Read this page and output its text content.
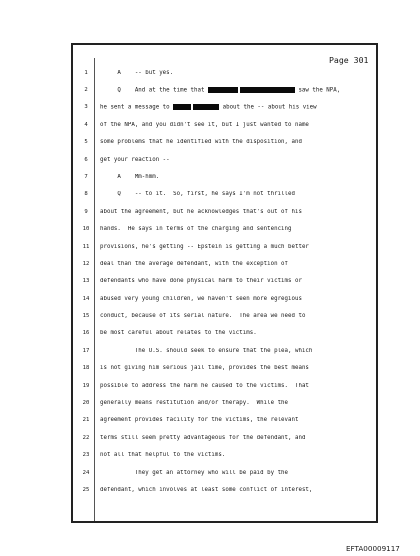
Page 301
1
2
3
4
5
6
7
8
9
10
11
12
13
14
15
16
17
18
19
20
21
22
23
24
25
A    -- but yes.
Q    And at the time that	saw the NPA,
he sent a message to	about the -- about his view
of the NPA, and you didn't see it, but I just wanted to name
some problems that he identified with the disposition, and
get your reaction --
A    Mm-hmm.
Q    -- to it.  So, first, he says I'm not thrilled
about the agreement, but he acknowledges that's out of his
hands.  He says in terms of the charging and sentencing
provisions, he's getting -- Epstein is getting a much better
deal than the average defendant, with the exception of
defendants who have done physical harm to their victims or
abused very young children, we haven't seen more egregious
conduct, because of its serial nature.  The area we need to
be most careful about relates to the victims.
The U.S. should seek to ensure that the plea, which
is not giving him serious jail time, provides the best means
possible to address the harm he caused to the victims.  That
generally means restitution and/or therapy.  While the
agreement provides facility for the victims, the relevant
terms still seem pretty advantageous for the defendant, and
not all that helpful to the victims.
They get an attorney who will be paid by the
defendant, which involves at least some conflict of interest,
EFTA00009117
